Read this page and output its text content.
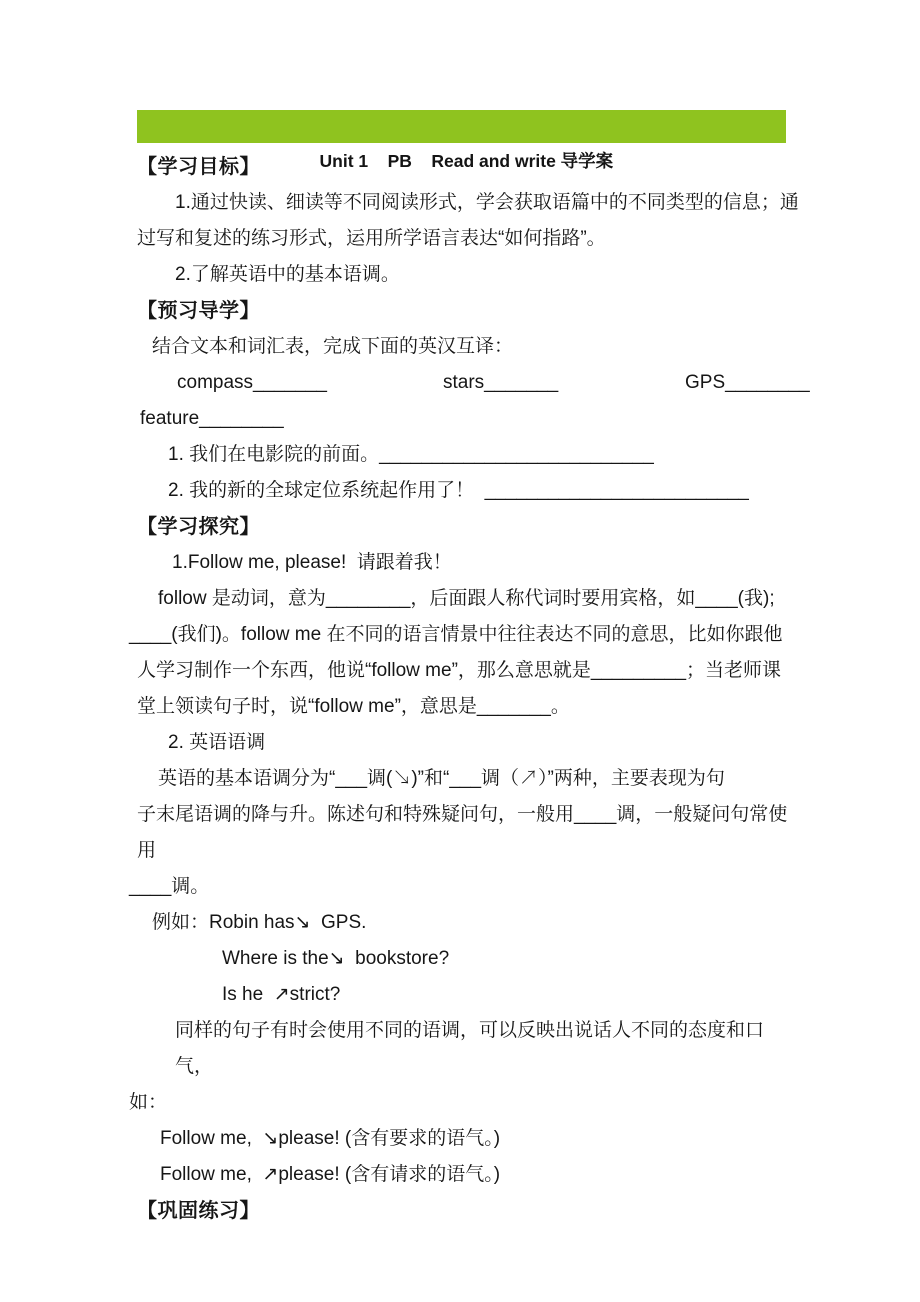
Unit 1    PB    Read and write 导学案

【学习目标】
1.通过快读、细读等不同阅读形式，学会获取语篇中的不同类型的信息；通
过写和复述的练习形式，运用所学语言表达“如何指路”。
2.了解英语中的基本语调。
【预习导学】
结合文本和词汇表，完成下面的英汉互译：
compass_______	stars_______	GPS________
feature________
1. 我们在电影院的前面。__________________________
2. 我的新的全球定位系统起作用了！  _________________________
【学习探究】
1.Follow me, please!  请跟着我！
follow 是动词，意为________，后面跟人称代词时要用宾格，如____(我);
____(我们)。follow me 在不同的语言情景中往往表达不同的意思，比如你跟他
人学习制作一个东西，他说“follow me”，那么意思就是_________；当老师课
堂上领读句子时，说“follow me”，意思是_______。
2. 英语语调
英语的基本语调分为“___调(↘)”和“___调（↗）”两种，主要表现为句
子末尾语调的降与升。陈述句和特殊疑问句，一般用____调，一般疑问句常使用
____调。
例如：Robin has↘  GPS.
Where is the↘  bookstore?
Is he  ↗strict?
同样的句子有时会使用不同的语调，可以反映出说话人不同的态度和口气，
如：
Follow me,  ↘please! (含有要求的语气。)
Follow me,  ↗please! (含有请求的语气。)
【巩固练习】
